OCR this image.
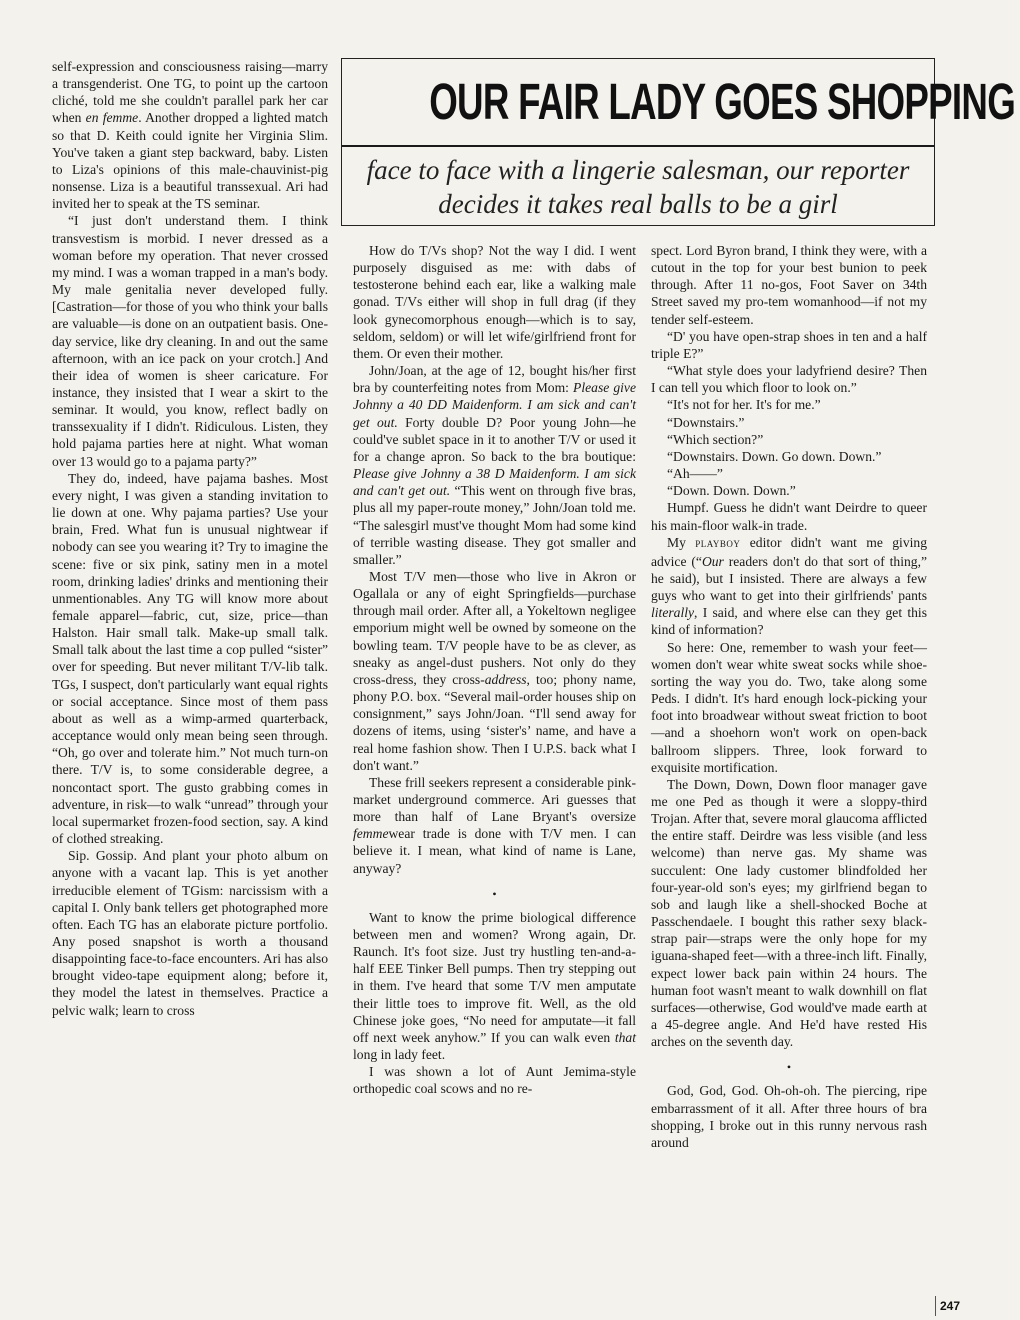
self-expression and consciousness raising—marry a transgenderist. One TG, to point up the cartoon cliché, told me she couldn't parallel park her car when en femme. Another dropped a lighted match so that D. Keith could ignite her Virginia Slim. You've taken a giant step backward, baby. Listen to Liza's opinions of this male-chauvinist-pig nonsense. Liza is a beautiful transsexual. Ari had invited her to speak at the TS seminar.

“I just don't understand them. I think transvestism is morbid. I never dressed as a woman before my operation. That never crossed my mind. I was a woman trapped in a man's body. My male genitalia never developed fully. [Castration—for those of you who think your balls are valuable—is done on an outpatient basis. One-day service, like dry cleaning. In and out the same afternoon, with an ice pack on your crotch.] And their idea of women is sheer caricature. For instance, they insisted that I wear a skirt to the seminar. It would, you know, reflect badly on transsexuality if I didn't. Ridiculous. Listen, they hold pajama parties here at night. What woman over 13 would go to a pajama party?”

They do, indeed, have pajama bashes. Most every night, I was given a standing invitation to lie down at one. Why pajama parties? Use your brain, Fred. What fun is unusual nightwear if nobody can see you wearing it? Try to imagine the scene: five or six pink, satiny men in a motel room, drinking ladies' drinks and mentioning their unmentionables. Any TG will know more about female apparel—fabric, cut, size, price—than Halston. Hair small talk. Make-up small talk. Small talk about the last time a cop pulled “sister” over for speeding. But never militant T/V-lib talk. TGs, I suspect, don't particularly want equal rights or social acceptance. Since most of them pass about as well as a wimp-armed quarterback, acceptance would only mean being seen through. “Oh, go over and tolerate him.” Not much turn-on there. T/V is, to some considerable degree, a noncontact sport. The gusto grabbing comes in adventure, in risk—to walk “unread” through your local supermarket frozen-food section, say. A kind of clothed streaking.

Sip. Gossip. And plant your photo album on anyone with a vacant lap. This is yet another irreducible element of TGism: narcissism with a capital I. Only bank tellers get photographed more often. Each TG has an elaborate picture portfolio. Any posed snapshot is worth a thousand disappointing face-to-face encounters. Ari has also brought video-tape equipment along; before it, they model the latest in themselves. Practice a pelvic walk; learn to cross

OUR FAIR LADY GOES SHOPPING
face to face with a lingerie salesman, our reporter decides it takes real balls to be a girl

How do T/Vs shop? Not the way I did. I went purposely disguised as me: with dabs of testosterone behind each ear, like a walking male gonad. T/Vs either will shop in full drag (if they look gynecomorphous enough—which is to say, seldom, seldom) or will let wife/girlfriend front for them. Or even their mother.

John/Joan, at the age of 12, bought his/her first bra by counterfeiting notes from Mom: Please give Johnny a 40 DD Maidenform. I am sick and can't get out. Forty double D? Poor young John—he could've sublet space in it to another T/V or used it for a change apron. So back to the bra boutique: Please give Johnny a 38 D Maidenform. I am sick and can't get out. “This went on through five bras, plus all my paper-route money,” John/Joan told me. “The salesgirl must've thought Mom had some kind of terrible wasting disease. They got smaller and smaller.”

Most T/V men—those who live in Akron or Ogallala or any of eight Springfields—purchase through mail order. After all, a Yokeltown negligee emporium might well be owned by someone on the bowling team. T/V people have to be as clever, as sneaky as angel-dust pushers. Not only do they cross-dress, they cross-address, too; phony name, phony P.O. box. “Several mail-order houses ship on consignment,” says John/Joan. “I'll send away for dozens of items, using ‘sister's’ name, and have a real home fashion show. Then I U.P.S. back what I don't want.”

These frill seekers represent a considerable pink-market underground commerce. Ari guesses that more than half of Lane Bryant's oversize femmewear trade is done with T/V men. I can believe it. I mean, what kind of name is Lane, anyway?

•

Want to know the prime biological difference between men and women? Wrong again, Dr. Raunch. It's foot size. Just try hustling ten-and-a-half EEE Tinker Bell pumps. Then try stepping out in them. I've heard that some T/V men amputate their little toes to improve fit. Well, as the old Chinese joke goes, “No need for amputate—it fall off next week anyhow.” If you can walk even that long in lady feet.

I was shown a lot of Aunt Jemima-style orthopedic coal scows and no re-

spect. Lord Byron brand, I think they were, with a cutout in the top for your best bunion to peek through. After 11 no-gos, Foot Saver on 34th Street saved my pro-tem womanhood—if not my tender self-esteem.

“D' you have open-strap shoes in ten and a half triple E?”

“What style does your ladyfriend desire? Then I can tell you which floor to look on.”

“It's not for her. It's for me.”

“Downstairs.”

“Which section?”

“Downstairs. Down. Go down. Down.”

“Ah——”

“Down. Down. Down.”

Humpf. Guess he didn't want Deirdre to queer his main-floor walk-in trade.

My PLAYBOY editor didn't want me giving advice (“Our readers don't do that sort of thing,” he said), but I insisted. There are always a few guys who want to get into their girlfriends' pants literally, I said, and where else can they get this kind of information?

So here: One, remember to wash your feet—women don't wear white sweat socks while shoe-sorting the way you do. Two, take along some Peds. I didn't. It's hard enough lock-picking your foot into broadwear without sweat friction to boot—and a shoehorn won't work on open-back ballroom slippers. Three, look forward to exquisite mortification.

The Down, Down, Down floor manager gave me one Ped as though it were a sloppy-third Trojan. After that, severe moral glaucoma afflicted the entire staff. Deirdre was less visible (and less welcome) than nerve gas. My shame was succulent: One lady customer blindfolded her four-year-old son's eyes; my girlfriend began to sob and laugh like a shell-shocked Boche at Passchendaele. I bought this rather sexy black-strap pair—straps were the only hope for my iguana-shaped feet—with a three-inch lift. Finally, expect lower back pain within 24 hours. The human foot wasn't meant to walk downhill on flat surfaces—otherwise, God would've made earth at a 45-degree angle. And He'd have rested His arches on the seventh day.

•

God, God, God. Oh-oh-oh. The piercing, ripe embarrassment of it all. After three hours of bra shopping, I broke out in this runny nervous rash around

247
